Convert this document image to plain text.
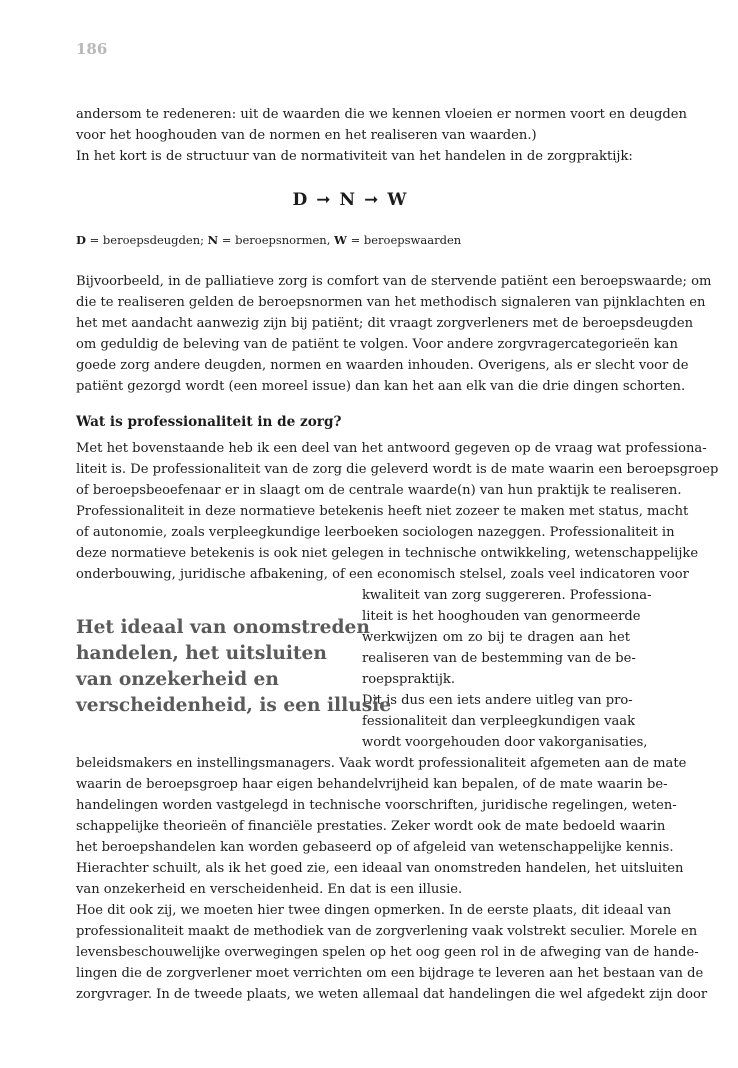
186
andersom te redeneren: uit de waarden die we kennen vloeien er normen voort en deugden
voor het hooghouden van de normen en het realiseren van waarden.)
In het kort is de structuur van de normativiteit van het handelen in de zorgpraktijk:
D ➞ N ➞ W
D = beroepsdeugden; N = beroepsnormen, W = beroepswaarden
Bijvoorbeeld, in de palliatieve zorg is comfort van de stervende patiënt een beroepswaarde; om
die te realiseren gelden de beroepsnormen van het methodisch signaleren van pijnklachten en
het met aandacht aanwezig zijn bij patiënt; dit vraagt zorgverleners met de beroepsdeugden
om geduldig de beleving van de patiënt te volgen. Voor andere zorgvragercategorieën kan
goede zorg andere deugden, normen en waarden inhouden. Overigens, als er slecht voor de
patiënt gezorgd wordt (een moreel issue) dan kan het aan elk van die drie dingen schorten.
Wat is professionaliteit in de zorg?
Met het bovenstaande heb ik een deel van het antwoord gegeven op de vraag wat professiona-
liteit is. De professionaliteit van de zorg die geleverd wordt is de mate waarin een beroepsgroep
of beroepsbeoefenaar er in slaagt om de centrale waarde(n) van hun praktijk te realiseren.
Professionaliteit in deze normatieve betekenis heeft niet zozeer te maken met status, macht
of autonomie, zoals verpleegkundige leerboeken sociologen nazeggen. Professionaliteit in
deze normatieve betekenis is ook niet gelegen in technische ontwikkeling, wetenschappelijke
onderbouwing, juridische afbakening, of een economisch stelsel, zoals veel indicatoren voor
kwaliteit van zorg suggereren. Professiona-
liteit is het hooghouden van genormeerde
werkwijzen om zo bij te dragen aan het
realiseren van de bestemming van de be-
roepspraktijk.
Dit is dus een iets andere uitleg van pro-
fessionaliteit dan verpleegkundigen vaak
wordt voorgehouden door vakorganisaties,
Het ideaal van onomstreden
handelen, het uitsluiten
van onzekerheid en
verscheidenheid, is een illusie
beleidsmakers en instellingsmanagers. Vaak wordt professionaliteit afgemeten aan de mate
waarin de beroepsgroep haar eigen behandelvrijheid kan bepalen, of de mate waarin be-
handelingen worden vastgelegd in technische voorschriften, juridische regelingen, weten-
schappelijke theorieën of financiële prestaties. Zeker wordt ook de mate bedoeld waarin
het beroepshandelen kan worden gebaseerd op of afgeleid van wetenschappelijke kennis.
Hierachter schuilt, als ik het goed zie, een ideaal van onomstreden handelen, het uitsluiten
van onzekerheid en verscheidenheid. En dat is een illusie.
Hoe dit ook zij, we moeten hier twee dingen opmerken. In de eerste plaats, dit ideaal van
professionaliteit maakt de methodiek van de zorgverlening vaak volstrekt seculier. Morele en
levensbeschouwelijke overwegingen spelen op het oog geen rol in de afweging van de hande-
lingen die de zorgverlener moet verrichten om een bijdrage te leveren aan het bestaan van de
zorgvrager. In de tweede plaats, we weten allemaal dat handelingen die wel afgedekt zijn door
